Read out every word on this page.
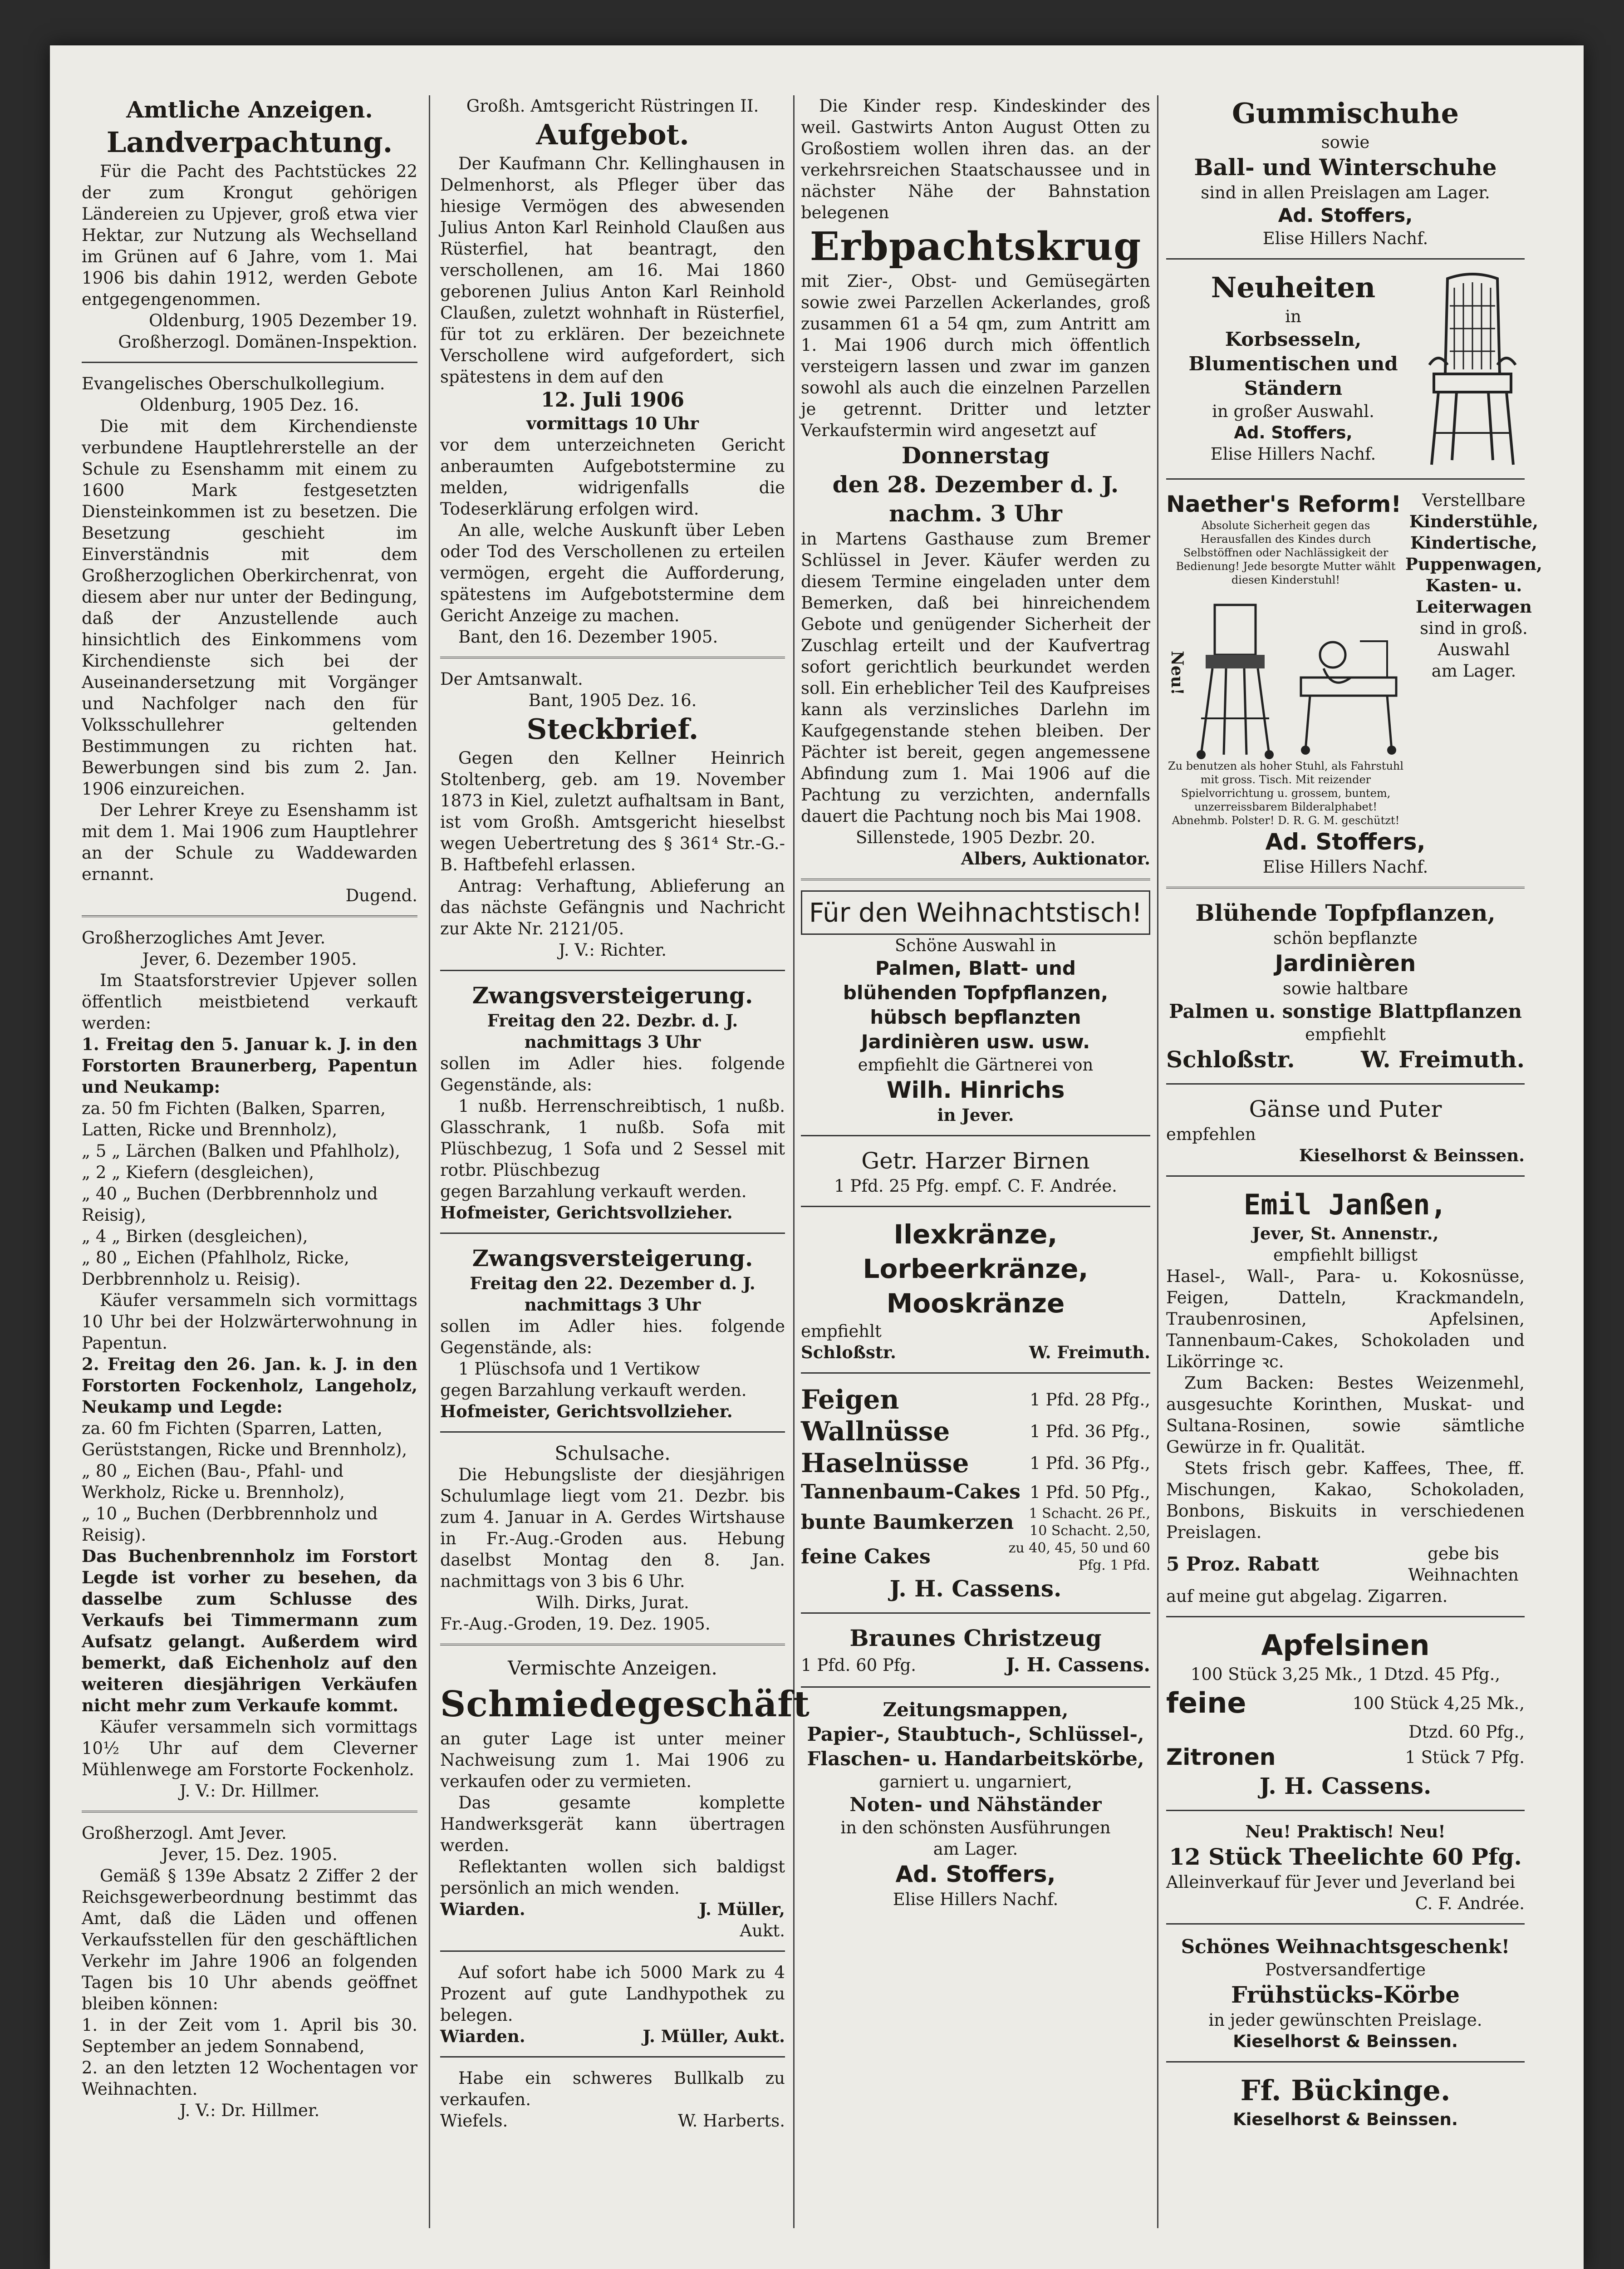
Amtliche Anzeigen.
Landverpachtung.

Für die Pacht des Pachtstückes 22 der zum Krongut gehörigen Ländereien zu Upjever, groß etwa vier Hektar, zur Nutzung als Wechselland im Grünen auf 6 Jahre, vom 1. Mai 1906 bis dahin 1912, werden Gebote entgegengenommen.

Oldenburg, 1905 Dezember 19.

Großherzogl. Domänen-Inspektion.

Evangelisches Oberschulkollegium.

Oldenburg, 1905 Dez. 16.

Die mit dem Kirchendienste verbundene Hauptlehrerstelle an der Schule zu Esenshamm mit einem zu 1600 Mark festgesetzten Diensteinkommen ist zu besetzen. Die Besetzung geschieht im Einverständnis mit dem Großherzoglichen Oberkirchenrat, von diesem aber nur unter der Bedingung, daß der Anzustellende auch hinsichtlich des Einkommens vom Kirchendienste sich bei der Auseinandersetzung mit Vorgänger und Nachfolger nach den für Volksschullehrer geltenden Bestimmungen zu richten hat. Bewerbungen sind bis zum 2. Jan. 1906 einzureichen.

Der Lehrer Kreye zu Esenshamm ist mit dem 1. Mai 1906 zum Hauptlehrer an der Schule zu Waddewarden ernannt.

Dugend.

Großherzogliches Amt Jever.

Jever, 6. Dezember 1905.

Im Staatsforstrevier Upjever sollen öffentlich meistbietend verkauft werden:

1. Freitag den 5. Januar k. J. in den Forstorten Braunerberg, Papentun und Neukamp:

za. 50 fm Fichten (Balken, Sparren, Latten, Ricke und Brennholz),

„ 5 „ Lärchen (Balken und Pfahlholz),

„ 2 „ Kiefern (desgleichen),

„ 40 „ Buchen (Derbbrennholz und Reisig),

„ 4 „ Birken (desgleichen),

„ 80 „ Eichen (Pfahlholz, Ricke, Derbbrennholz u. Reisig).

Käufer versammeln sich vormittags 10 Uhr bei der Holzwärterwohnung in Papentun.

2. Freitag den 26. Jan. k. J. in den Forstorten Fockenholz, Langeholz, Neukamp und Legde:

za. 60 fm Fichten (Sparren, Latten, Gerüststangen, Ricke und Brennholz),

„ 80 „ Eichen (Bau-, Pfahl- und Werkholz, Ricke u. Brennholz),

„ 10 „ Buchen (Derbbrennholz und Reisig).

Das Buchenbrennholz im Forstort Legde ist vorher zu besehen, da dasselbe zum Schlusse des Verkaufs bei Timmermann zum Aufsatz gelangt. Außerdem wird bemerkt, daß Eichenholz auf den weiteren diesjährigen Verkäufen nicht mehr zum Verkaufe kommt.

Käufer versammeln sich vormittags 10½ Uhr auf dem Cleverner Mühlenwege am Forstorte Fockenholz.

J. V.: Dr. Hillmer.

Großherzogl. Amt Jever.

Jever, 15. Dez. 1905.

Gemäß § 139e Absatz 2 Ziffer 2 der Reichsgewerbeordnung bestimmt das Amt, daß die Läden und offenen Verkaufsstellen für den geschäftlichen Verkehr im Jahre 1906 an folgenden Tagen bis 10 Uhr abends geöffnet bleiben können:

1. in der Zeit vom 1. April bis 30. September an jedem Sonnabend,

2. an den letzten 12 Wochentagen vor Weihnachten.

J. V.: Dr. Hillmer.

Großh. Amtsgericht Rüstringen II.

Aufgebot.

Der Kaufmann Chr. Kellinghausen in Delmenhorst, als Pfleger über das hiesige Vermögen des abwesenden Julius Anton Karl Reinhold Claußen aus Rüsterfiel, hat beantragt, den verschollenen, am 16. Mai 1860 geborenen Julius Anton Karl Reinhold Claußen, zuletzt wohnhaft in Rüsterfiel, für tot zu erklären. Der bezeichnete Verschollene wird aufgefordert, sich spätestens in dem auf den

12. Juli 1906

vormittags 10 Uhr

vor dem unterzeichneten Gericht anberaumten Aufgebotstermine zu melden, widrigenfalls die Todeserklärung erfolgen wird.

An alle, welche Auskunft über Leben oder Tod des Verschollenen zu erteilen vermögen, ergeht die Aufforderung, spätestens im Aufgebotstermine dem Gericht Anzeige zu machen.

Bant, den 16. Dezember 1905.

Der Amtsanwalt.

Bant, 1905 Dez. 16.

Steckbrief.

Gegen den Kellner Heinrich Stoltenberg, geb. am 19. November 1873 in Kiel, zuletzt aufhaltsam in Bant, ist vom Großh. Amtsgericht hieselbst wegen Uebertretung des § 361⁴ Str.-G.-B. Haftbefehl erlassen.

Antrag: Verhaftung, Ablieferung an das nächste Gefängnis und Nachricht zur Akte Nr. 2121/05.

J. V.: Richter.

Zwangsversteigerung.

Freitag den 22. Dezbr. d. J. nachmittags 3 Uhr

sollen im Adler hies. folgende Gegenstände, als:

1 nußb. Herrenschreibtisch, 1 nußb. Glasschrank, 1 nußb. Sofa mit Plüschbezug, 1 Sofa und 2 Sessel mit rotbr. Plüschbezug

gegen Barzahlung verkauft werden.

Hofmeister, Gerichtsvollzieher.

Zwangsversteigerung.

Freitag den 22. Dezember d. J. nachmittags 3 Uhr

sollen im Adler hies. folgende Gegenstände, als:

1 Plüschsofa und 1 Vertikow

gegen Barzahlung verkauft werden.

Hofmeister, Gerichtsvollzieher.

Schulsache.

Die Hebungsliste der diesjährigen Schulumlage liegt vom 21. Dezbr. bis zum 4. Januar in A. Gerdes Wirtshause in Fr.-Aug.-Groden aus. Hebung daselbst Montag den 8. Jan. nachmittags von 3 bis 6 Uhr.

Wilh. Dirks, Jurat.

Fr.-Aug.-Groden, 19. Dez. 1905.

Vermischte Anzeigen.

Schmiedegeschäft

an guter Lage ist unter meiner Nachweisung zum 1. Mai 1906 zu verkaufen oder zu vermieten.

Das gesamte komplette Handwerksgerät kann übertragen werden.

Reflektanten wollen sich baldigst persönlich an mich wenden.

Wiarden.	J. Müller,

Aukt.

Auf sofort habe ich 5000 Mark zu 4 Prozent auf gute Landhypothek zu belegen.

Wiarden.	J. Müller, Aukt.

Habe ein schweres Bullkalb zu verkaufen.

Wiefels.	W. Harberts.

Die Kinder resp. Kindeskinder des weil. Gastwirts Anton August Otten zu Großostiem wollen ihren das. an der verkehrsreichen Staatschaussee und in nächster Nähe der Bahnstation belegenen

Erbpachtskrug

mit Zier-, Obst- und Gemüsegärten sowie zwei Parzellen Ackerlandes, groß zusammen 61 a 54 qm, zum Antritt am 1. Mai 1906 durch mich öffentlich versteigern lassen und zwar im ganzen sowohl als auch die einzelnen Parzellen je getrennt. Dritter und letzter Verkaufstermin wird angesetzt auf

Donnerstag
den 28. Dezember d. J.
nachm. 3 Uhr

in Martens Gasthause zum Bremer Schlüssel in Jever. Käufer werden zu diesem Termine eingeladen unter dem Bemerken, daß bei hinreichendem Gebote und genügender Sicherheit der Zuschlag erteilt und der Kaufvertrag sofort gerichtlich beurkundet werden soll. Ein erheblicher Teil des Kaufpreises kann als verzinsliches Darlehn im Kaufgegenstande stehen bleiben. Der Pächter ist bereit, gegen angemessene Abfindung zum 1. Mai 1906 auf die Pachtung zu verzichten, andernfalls dauert die Pachtung noch bis Mai 1908.

Sillenstede, 1905 Dezbr. 20.

Albers, Auktionator.

Für den Weihnachtstisch!

Schöne Auswahl in

Palmen, Blatt- und
blühenden Topfpflanzen,
hübsch bepflanzten
Jardinièren usw. usw.

empfiehlt die Gärtnerei von

Wilh. Hinrichs

in Jever.

Getr. Harzer Birnen

1 Pfd. 25 Pfg. empf. C. F. Andrée.

Ilexkränze,
Lorbeerkränze,
Mooskränze

empfiehlt

Schloßstr.	W. Freimuth.
Feigen	1 Pfd. 28 Pfg.,
Wallnüsse	1 Pfd. 36 Pfg.,
Haselnüsse	1 Pfd. 36 Pfg.,
Tannenbaum-Cakes 1 Pfd. 50 Pfg.,
bunte Baumkerzen	1 Schacht. 26 Pf., 10 Schacht. 2,50,
feine Cakes	zu 40, 45, 50 und 60 Pfg. 1 Pfd.
J. H. Cassens.
Braunes Christzeug
1 Pfd. 60 Pfg.	J. H. Cassens.
Zeitungsmappen,
Papier-, Staubtuch-, Schlüssel-,
Flaschen- u. Handarbeitskörbe,

garniert u. ungarniert,

Noten- und Nähständer

in den schönsten Ausführungen

am Lager.

Ad. Stoffers,

Elise Hillers Nachf.

Gummischuhe

sowie

Ball- und Winterschuhe

sind in allen Preislagen am Lager.

Ad. Stoffers,

Elise Hillers Nachf.

Neuheiten

in

Korbsesseln,
Blumentischen und
Ständern

in großer Auswahl.

Ad. Stoffers,

Elise Hillers Nachf.

Naether's Reform!

Absolute Sicherheit gegen das Herausfallen des Kindes durch Selbstöffnen oder Nachlässigkeit der Bedienung! Jede besorgte Mutter wählt diesen Kinderstuhl!

Neu!

Zu benutzen als hoher Stuhl, als Fahrstuhl mit gross. Tisch. Mit reizender Spielvorrichtung u. grossem, buntem, unzerreissbarem Bilderalphabet! Abnehmb. Polster! D. R. G. M. geschützt!

Verstellbare

Kinderstühle,

Kindertische,

Puppenwagen,

Kasten- u. Leiterwagen

sind in groß. Auswahl

am Lager.

Ad. Stoffers,

Elise Hillers Nachf.

Blühende Topfpflanzen,

schön bepflanzte

Jardinièren

sowie haltbare

Palmen u. sonstige Blattpflanzen

empfiehlt

Schloßstr.	W. Freimuth.
Gänse und Puter

empfehlen

Kieselhorst & Beinssen.

Emil Janßen,

Jever, St. Annenstr.,

empfiehlt billigst

Hasel-, Wall-, Para- u. Kokosnüsse, Feigen, Datteln, Krackmandeln, Traubenrosinen, Apfelsinen, Tannenbaum-Cakes, Schokoladen und Likörringe ꝛc.

Zum Backen: Bestes Weizenmehl, ausgesuchte Korinthen, Muskat- und Sultana-Rosinen, sowie sämtliche Gewürze in fr. Qualität.

Stets frisch gebr. Kaffees, Thee, ff. Mischungen, Kakao, Schokoladen, Bonbons, Biskuits in verschiedenen Preislagen.

5 Proz. Rabatt	gebe bis Weihnachten

auf meine gut abgelag. Zigarren.

Apfelsinen

100 Stück 3,25 Mk., 1 Dtzd. 45 Pfg.,

feine	100 Stück 4,25 Mk.,

Dtzd. 60 Pfg.,

Zitronen	1 Stück 7 Pfg.
J. H. Cassens.

Neu! Praktisch! Neu!

12 Stück Theelichte 60 Pfg.

Alleinverkauf für Jever und Jeverland bei

C. F. Andrée.

Schönes Weihnachtsgeschenk!

Postversandfertige

Frühstücks-Körbe

in jeder gewünschten Preislage.

Kieselhorst & Beinssen.

Ff. Bückinge.

Kieselhorst & Beinssen.
